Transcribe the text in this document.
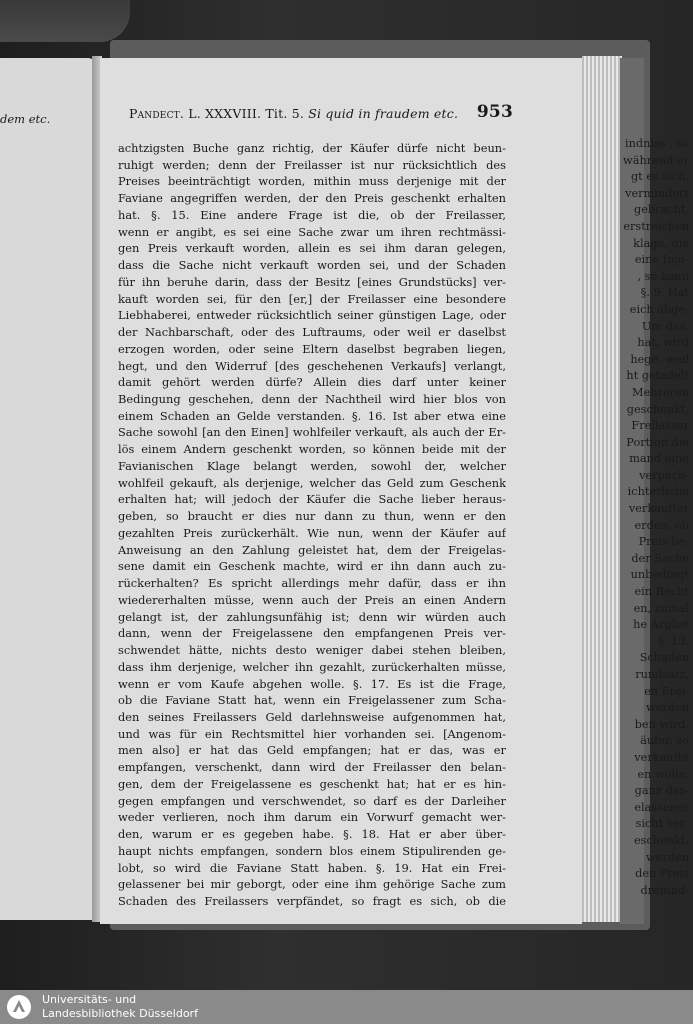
dem etc.
indniss , so
während er
gt es sich,
vermindert
gebracht,
erstreichen
klage, die
eine Inju-
, so kann
§. 9. Hat
eich abge-
Um das,
hat, wird
hege, weil
ht getadelt
Mehreren
geschenkt,
Freilasser
Portion die
mand eine
verpach-
ichterliche
verkaufter
erden, ob
Preis be-
der Sache
unbedingt
ein Recht
en, zumal
he Arglist
§. 13.
Schaden
rundsatz,
en Frei-
werden
ben wird,
äufer, so
verkaufte
en wolle.
ganz das-
elassener
sicht ver-
eschenkt,
werden
den Preis
dreiund-
Pandect. L. XXXVIII. Tit. 5. Si quid in fraudem etc. 953
achtzigsten Buche ganz richtig, der Käufer dürfe nicht beun-
ruhigt werden; denn der Freilasser ist nur rücksichtlich des
Preises beeinträchtigt worden, mithin muss derjenige mit der
Faviane angegriffen werden, der den Preis geschenkt erhalten
hat. §. 15. Eine andere Frage ist die, ob der Freilasser,
wenn er angibt, es sei eine Sache zwar um ihren rechtmässi-
gen Preis verkauft worden, allein es sei ihm daran gelegen,
dass die Sache nicht verkauft worden sei, und der Schaden
für ihn beruhe darin, dass der Besitz [eines Grundstücks] ver-
kauft worden sei, für den [er,] der Freilasser eine besondere
Liebhaberei, entweder rücksichtlich seiner günstigen Lage, oder
der Nachbarschaft, oder des Luftraums, oder weil er daselbst
erzogen worden, oder seine Eltern daselbst begraben liegen,
hegt, und den Widerruf [des geschehenen Verkaufs] verlangt,
damit gehört werden dürfe? Allein dies darf unter keiner
Bedingung geschehen, denn der Nachtheil wird hier blos von
einem Schaden an Gelde verstanden. §. 16. Ist aber etwa eine
Sache sowohl [an den Einen] wohlfeiler verkauft, als auch der Er-
lös einem Andern geschenkt worden, so können beide mit der
Favianischen Klage belangt werden, sowohl der, welcher
wohlfeil gekauft, als derjenige, welcher das Geld zum Geschenk
erhalten hat; will jedoch der Käufer die Sache lieber heraus-
geben, so braucht er dies nur dann zu thun, wenn er den
gezahlten Preis zurückerhält. Wie nun, wenn der Käufer auf
Anweisung an den Zahlung geleistet hat, dem der Freigelas-
sene damit ein Geschenk machte, wird er ihn dann auch zu-
rückerhalten? Es spricht allerdings mehr dafür, dass er ihn
wiedererhalten müsse, wenn auch der Preis an einen Andern
gelangt ist, der zahlungsunfähig ist; denn wir würden auch
dann, wenn der Freigelassene den empfangenen Preis ver-
schwendet hätte, nichts desto weniger dabei stehen bleiben,
dass ihm derjenige, welcher ihn gezahlt, zurückerhalten müsse,
wenn er vom Kaufe abgehen wolle. §. 17. Es ist die Frage,
ob die Faviane Statt hat, wenn ein Freigelassener zum Scha-
den seines Freilassers Geld darlehnsweise aufgenommen hat,
und was für ein Rechtsmittel hier vorhanden sei. [Angenom-
men also] er hat das Geld empfangen; hat er das, was er
empfangen, verschenkt, dann wird der Freilasser den belan-
gen, dem der Freigelassene es geschenkt hat; hat er es hin-
gegen empfangen und verschwendet, so darf es der Darleiher
weder verlieren, noch ihm darum ein Vorwurf gemacht wer-
den, warum er es gegeben habe. §. 18. Hat er aber über-
haupt nichts empfangen, sondern blos einem Stipulirenden ge-
lobt, so wird die Faviane Statt haben. §. 19. Hat ein Frei-
gelassener bei mir geborgt, oder eine ihm gehörige Sache zum
Schaden des Freilassers verpfändet, so fragt es sich, ob die
Universitäts- und
Landesbibliothek Düsseldorf
